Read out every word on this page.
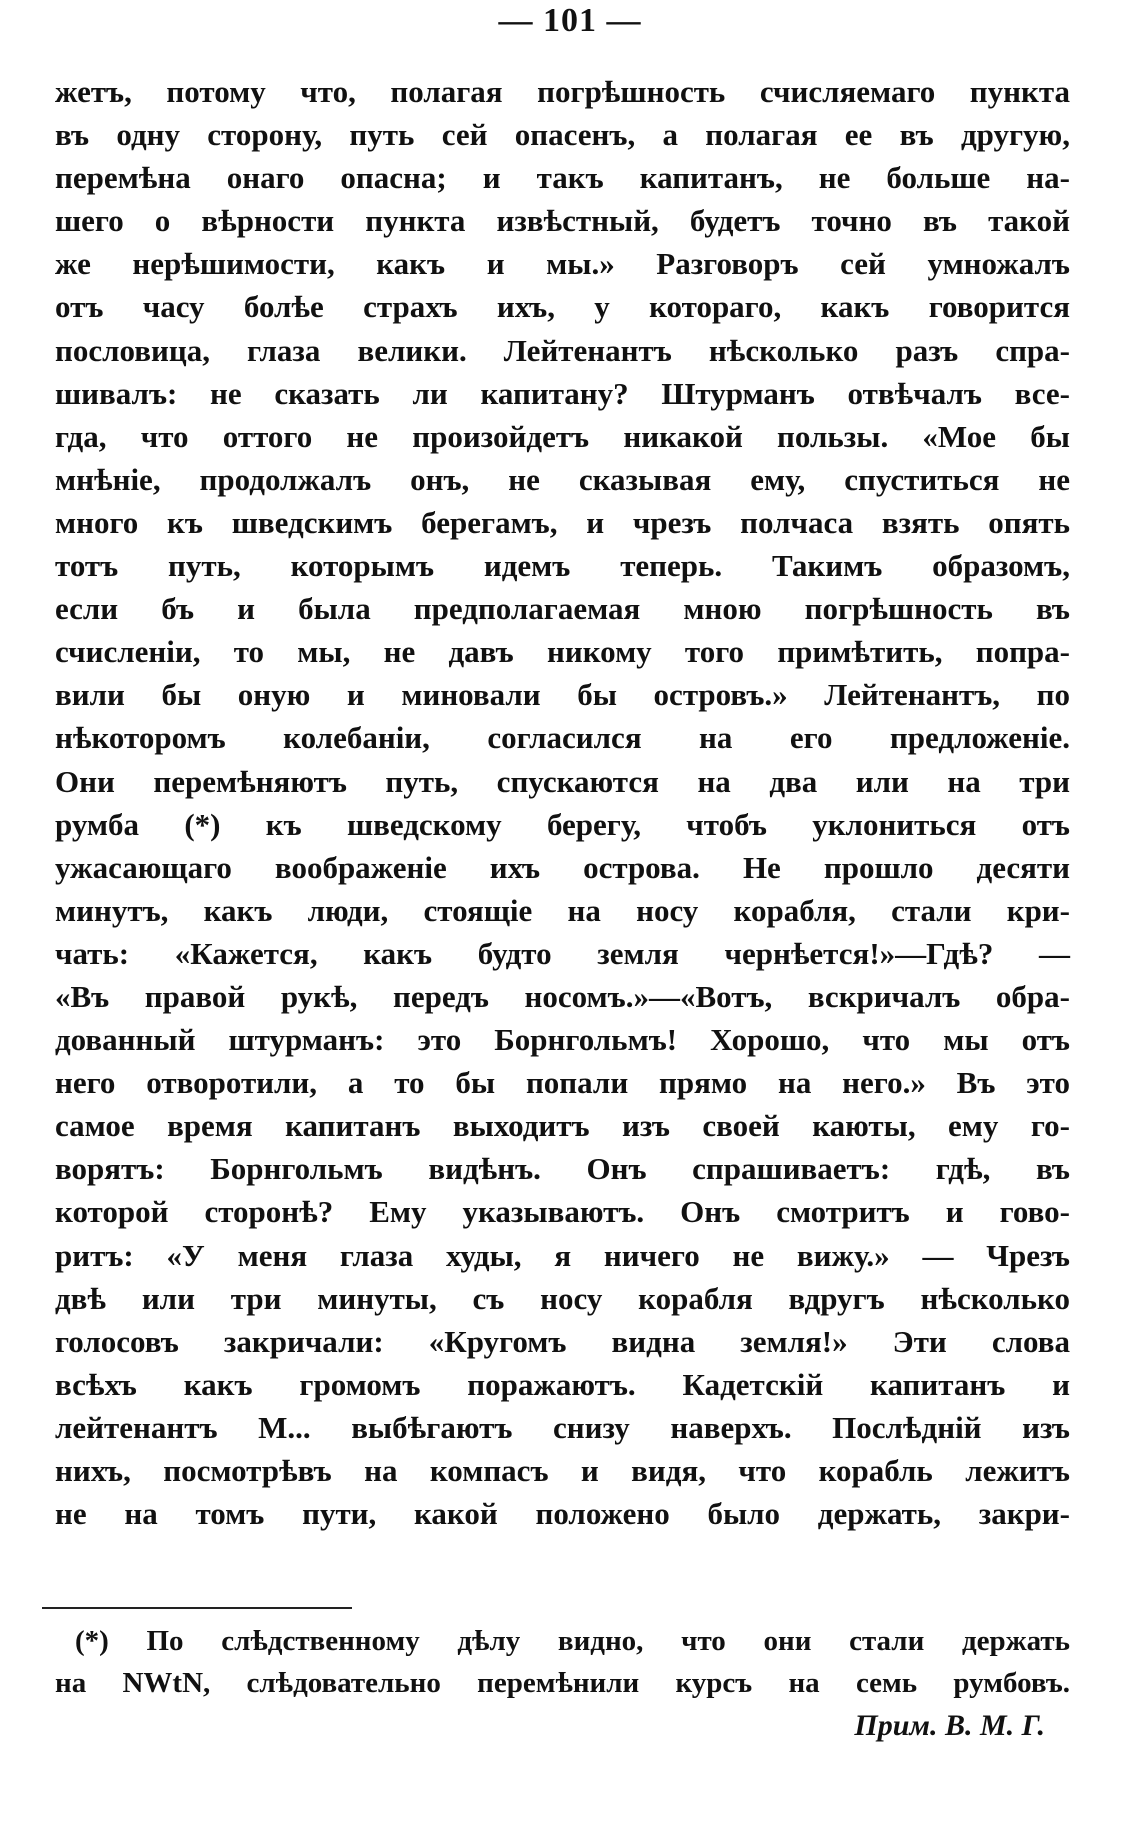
— 101 —
жетъ, потому что, полагая погрѣшность счисляемаго пункта
въ одну сторону, путь сей опасенъ, а полагая ее въ другую,
перемѣна онаго опасна; и такъ капитанъ, не больше на-
шего о вѣрности пункта извѣстный, будетъ точно въ такой
же нерѣшимости, какъ и мы.» Разговоръ сей умножалъ
отъ часу болѣе страхъ ихъ, у котораго, какъ говорится
пословица, глаза велики. Лейтенантъ нѣсколько разъ спра-
шивалъ: не сказать ли капитану? Штурманъ отвѣчалъ все-
гда, что оттого не произойдетъ никакой пользы. «Мое бы
мнѣніе, продолжалъ онъ, не сказывая ему, спуститься не
много къ шведскимъ берегамъ, и чрезъ полчаса взять опять
тотъ путь, которымъ идемъ теперь. Такимъ образомъ,
если бъ и была предполагаемая мною погрѣшность въ
счисленіи, то мы, не давъ никому того примѣтить, попра-
вили бы оную и миновали бы островъ.» Лейтенантъ, по
нѣкоторомъ колебаніи, согласился на его предложеніе.
Они перемѣняютъ путь, спускаются на два или на три
румба (*) къ шведскому берегу, чтобъ уклониться отъ
ужасающаго воображеніе ихъ острова. Не прошло десяти
минутъ, какъ люди, стоящіе на носу корабля, стали кри-
чать: «Кажется, какъ будто земля чернѣется!»—Гдѣ? —
«Въ правой рукѣ, передъ носомъ.»—«Вотъ, вскричалъ обра-
дованный штурманъ: это Борнгольмъ! Хорошо, что мы отъ
него отворотили, а то бы попали прямо на него.» Въ это
самое время капитанъ выходитъ изъ своей каюты, ему го-
ворятъ: Борнгольмъ видѣнъ. Онъ спрашиваетъ: гдѣ, въ
которой сторонѣ? Ему указываютъ. Онъ смотритъ и гово-
ритъ: «У меня глаза худы, я ничего не вижу.» — Чрезъ
двѣ или три минуты, съ носу корабля вдругъ нѣсколько
голосовъ закричали: «Кругомъ видна земля!» Эти слова
всѣхъ какъ громомъ поражаютъ. Кадетскій капитанъ и
лейтенантъ М... выбѣгаютъ снизу наверхъ. Послѣдній изъ
нихъ, посмотрѣвъ на компасъ и видя, что корабль лежитъ
не на томъ пути, какой положено было держать, закри-
(*) По слѣдственному дѣлу видно, что они стали держать
на NWtN, слѣдовательно перемѣнили курсъ на семь румбовъ.
Прим. В. М. Г.
